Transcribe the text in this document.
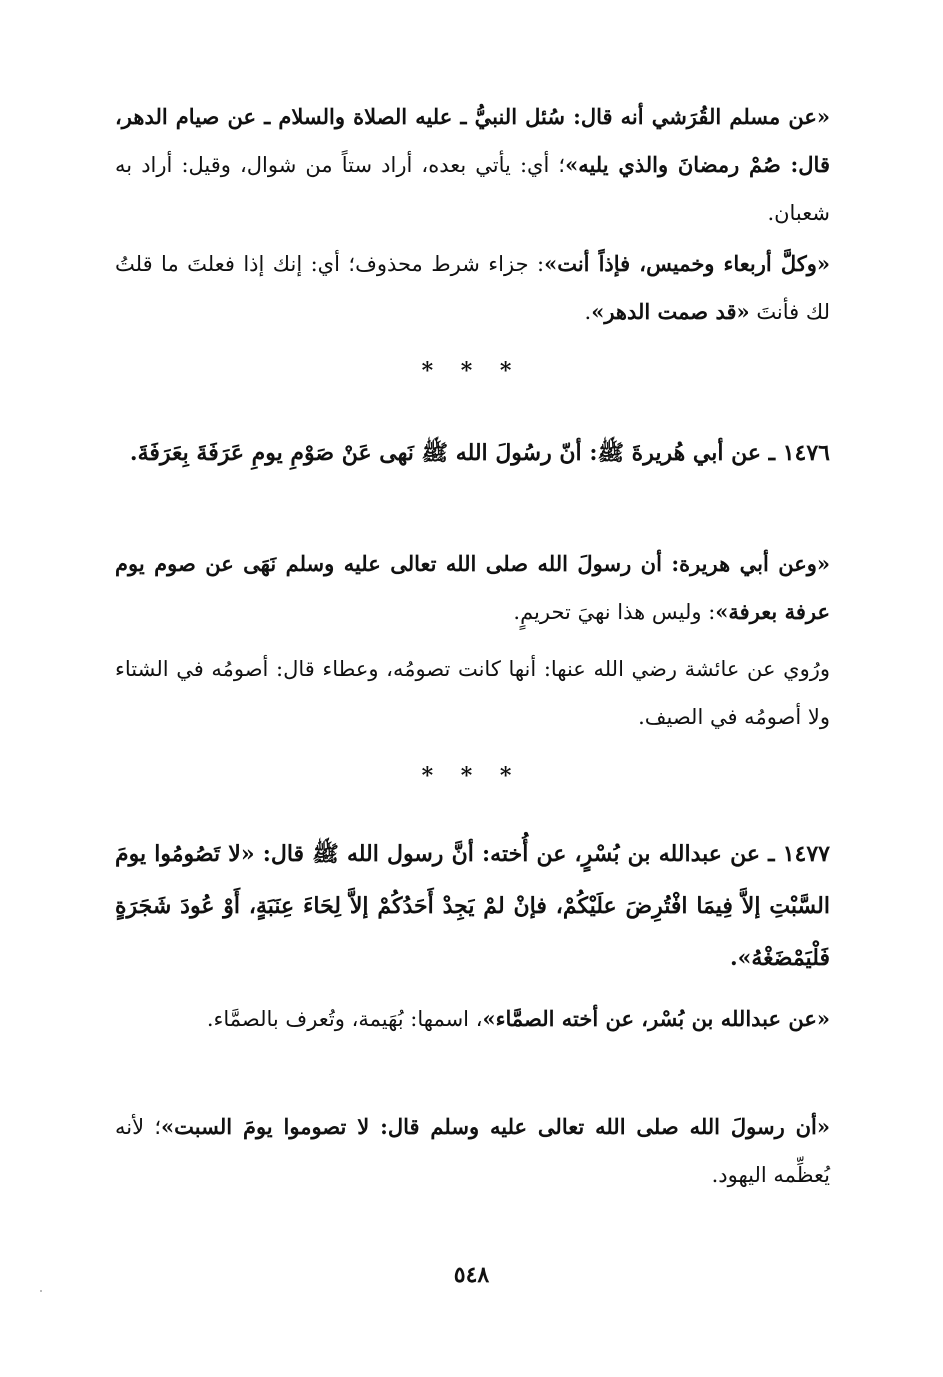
«عن مسلم القُرَشي أنه قال: سُئل النبيُّ ـ عليه الصلاة والسلام ـ عن صيام الدهر، قال: صُمْ رمضانَ والذي يليه»؛ أي: يأتي بعده، أراد ستاً من شوال، وقيل: أراد به شعبان.
«وكلَّ أربعاء وخميس، فإذاً أنت»: جزاء شرط محذوف؛ أي: إنك إذا فعلتَ ما قلتُ لك فأنتَ «قد صمت الدهر».
* * *
١٤٧٦ ـ عن أبي هُريرةَ ﷺ: أنّ رسُولَ الله ﷺ نَهى عَنْ صَوْمِ يومِ عَرَفَةَ بِعَرَفَةَ.
«وعن أبي هريرة: أن رسولَ الله صلى الله تعالى عليه وسلم نَهَى عن صوم يوم عرفة بعرفة»: وليس هذا نهيَ تحريمٍ.
ورُوي عن عائشة رضي الله عنها: أنها كانت تصومُه، وعطاء قال: أصومُه في الشتاء ولا أصومُه في الصيف.
* * *
١٤٧٧ ـ عن عبدالله بن بُسْرٍ، عن أُخته: أنَّ رسول الله ﷺ قال: «لا تَصُومُوا يومَ السَّبْتِ إلاَّ فِيمَا افْتُرِضَ علَيْكُمْ، فإنْ لمْ يَجِدْ أَحَدُكُمْ إلاَّ لِحَاءَ عِنَبَةٍ، أَوْ عُودَ شَجَرَةٍ فَلْيَمْضَغْهُ».
«عن عبدالله بن بُسْر، عن أخته الصمَّاء»، اسمها: بُهَيمة، وتُعرف بالصمَّاء.
«أن رسولَ الله صلى الله تعالى عليه وسلم قال: لا تصوموا يومَ السبت»؛ لأنه يُعظِّمه اليهود.
٥٤٨
